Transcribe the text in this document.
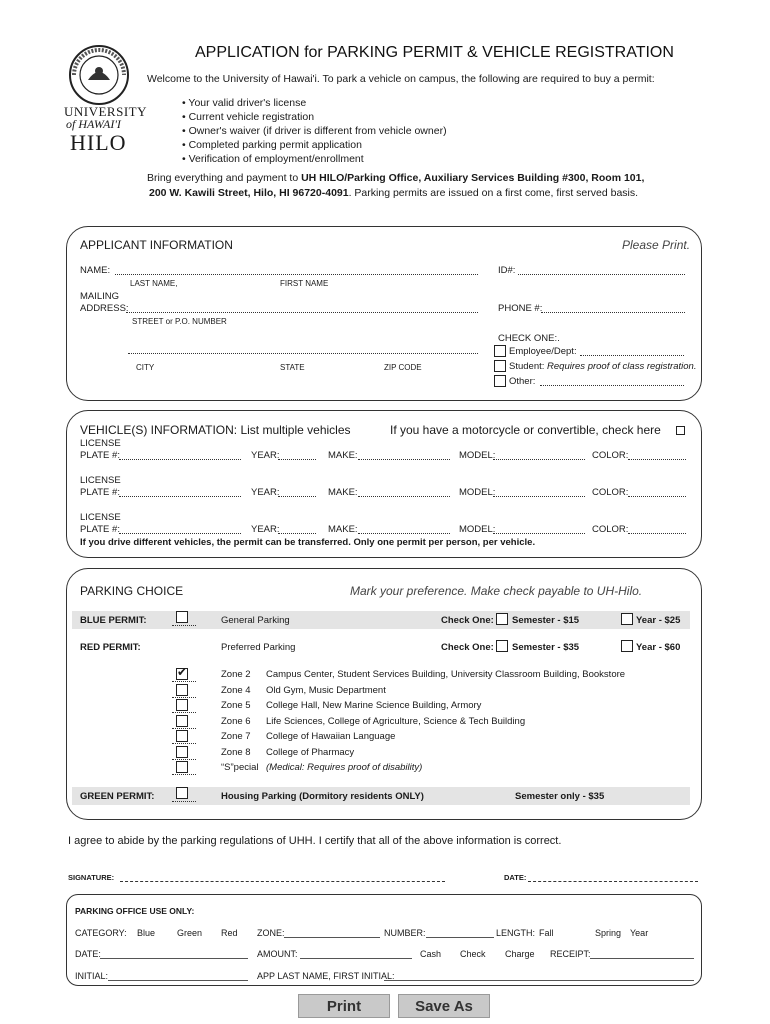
UNIVERSITY
of HAWAI'I
HILO
APPLICATION for PARKING PERMIT & VEHICLE REGISTRATION
Welcome to the University of Hawai'i. To park a vehicle on campus, the following are required to buy a permit:
• Your valid driver's license
• Current vehicle registration
• Owner's waiver (if driver is different from vehicle owner)
• Completed parking permit application
• Verification of employment/enrollment
Bring everything and payment to UH HILO/Parking Office, Auxiliary Services Building #300, Room 101,
200 W. Kawili Street, Hilo, HI 96720-4091. Parking permits are issued on a first come, first served basis.
APPLICANT INFORMATION	Please Print.
NAME:
LAST NAME,	FIRST NAME
MAILING
ADDRESS:
STREET or P.O. NUMBER
CITY	STATE	ZIP CODE
ID#:
PHONE #:
CHECK ONE:.
Employee/Dept:
Student: Requires proof of class registration.
Other:
VEHICLE(S) INFORMATION: List multiple vehicles	If you have a motorcycle or convertible, check here
LICENSE
PLATE #:	YEAR:	MAKE:	MODEL:	COLOR:
LICENSE
PLATE #:	YEAR:	MAKE:	MODEL:	COLOR:
LICENSE
PLATE #:	YEAR:	MAKE:	MODEL:	COLOR:
If you drive different vehicles, the permit can be transferred. Only one permit per person, per vehicle.
PARKING CHOICE	Mark your preference. Make check payable to UH-Hilo.
BLUE PERMIT:	General Parking	Check One: Semester - $15	Year - $25
RED PERMIT:	Preferred Parking	Check One: Semester - $35	Year - $60
✔	Zone 2 Campus Center, Student Services Building, University Classroom Building, Bookstore
Zone 4 Old Gym, Music Department
Zone 5 College Hall, New Marine Science Building, Armory
Zone 6 Life Sciences, College of Agriculture, Science & Tech Building
Zone 7 College of Hawaiian Language
Zone 8 College of Pharmacy
“S”pecial (Medical: Requires proof of disability)
GREEN PERMIT:	Housing Parking (Dormitory residents ONLY)	Semester only - $35
I agree to abide by the parking regulations of UHH. I certify that all of the above information is correct.
SIGNATURE:	DATE:
PARKING OFFICE USE ONLY:
CATEGORY: Blue Green Red ZONE:	NUMBER:	LENGTH: Fall	Spring Year
DATE:	AMOUNT:	Cash Check Charge RECEIPT:
INITIAL:	APP LAST NAME, FIRST INITIAL:
Print	Save As
